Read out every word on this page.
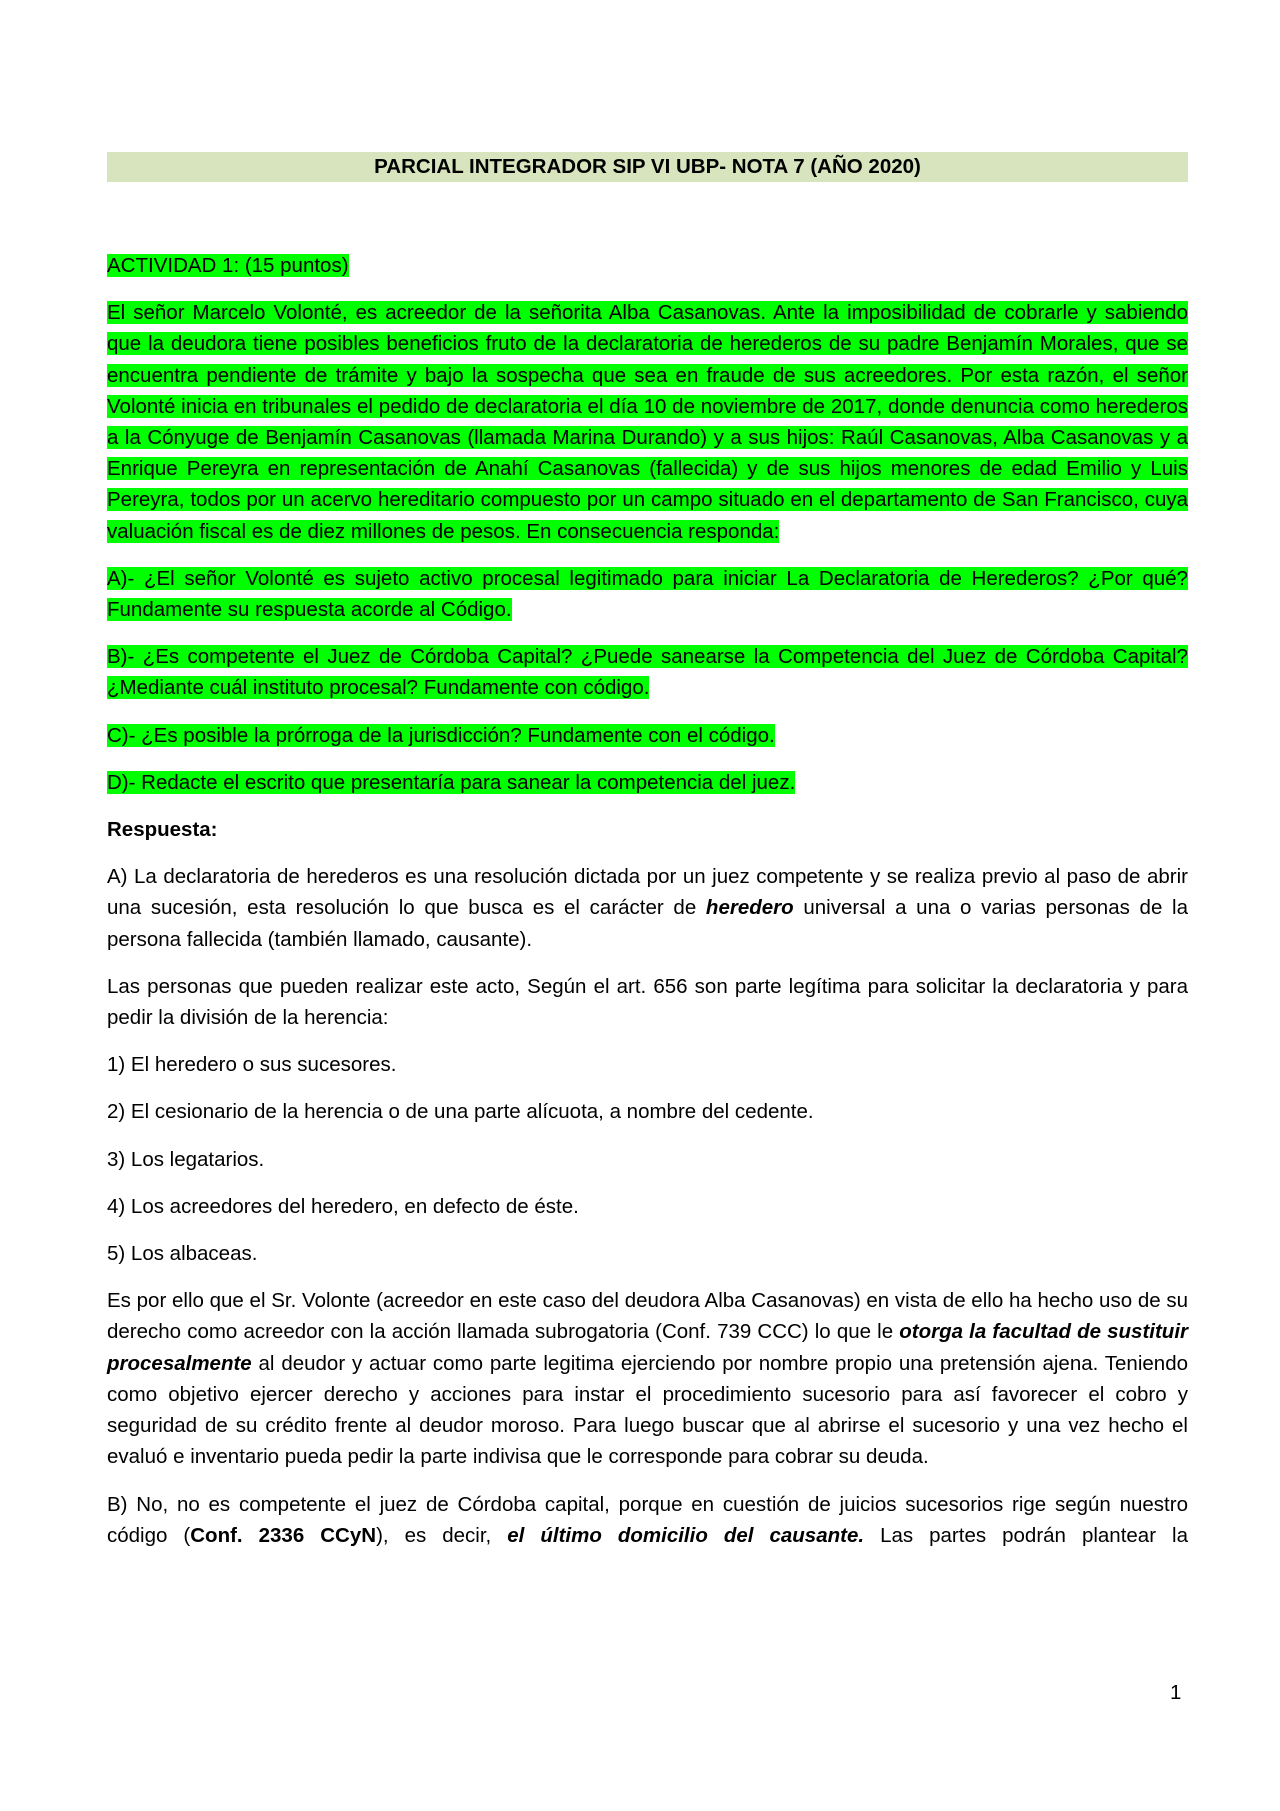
PARCIAL INTEGRADOR SIP VI UBP- NOTA 7 (AÑO 2020)

ACTIVIDAD 1: (15 puntos)

El señor Marcelo Volonté, es acreedor de la señorita Alba Casanovas. Ante la imposibilidad de cobrarle y sabiendo que la deudora tiene posibles beneficios fruto de la declaratoria de herederos de su padre Benjamín Morales, que se encuentra pendiente de trámite y bajo la sospecha que sea en fraude de sus acreedores. Por esta razón, el señor Volonté inicia en tribunales el pedido de declaratoria el día 10 de noviembre de 2017, donde denuncia como herederos a la Cónyuge de Benjamín Casanovas (llamada Marina Durando) y a sus hijos: Raúl Casanovas, Alba Casanovas y a Enrique Pereyra en representación de Anahí Casanovas (fallecida) y de sus hijos menores de edad Emilio y Luis Pereyra, todos por un acervo hereditario compuesto por un campo situado en el departamento de San Francisco, cuya valuación fiscal es de diez millones de pesos. En consecuencia responda:

A)- ¿El señor Volonté es sujeto activo procesal legitimado para iniciar La Declaratoria de Herederos? ¿Por qué? Fundamente su respuesta acorde al Código.

B)- ¿Es competente el Juez de Córdoba Capital? ¿Puede sanearse la Competencia del Juez de Córdoba Capital? ¿Mediante cuál instituto procesal? Fundamente con código.

C)- ¿Es posible la prórroga de la jurisdicción? Fundamente con el código.

D)- Redacte el escrito que presentaría para sanear la competencia del juez.

Respuesta:

A) La declaratoria de herederos es una resolución dictada por un juez competente y se realiza previo al paso de abrir una sucesión, esta resolución lo que busca es el carácter de heredero universal a una o varias personas de la persona fallecida (también llamado, causante).

Las personas que pueden realizar este acto, Según el art. 656 son parte legítima para solicitar la declaratoria y para pedir la división de la herencia:

1) El heredero o sus sucesores.

2) El cesionario de la herencia o de una parte alícuota, a nombre del cedente.

3) Los legatarios.

4) Los acreedores del heredero, en defecto de éste.

5) Los albaceas.

Es por ello que el Sr. Volonte (acreedor en este caso del deudora Alba Casanovas) en vista de ello ha hecho uso de su derecho como acreedor con la acción llamada subrogatoria (Conf. 739 CCC) lo que le otorga la facultad de sustituir procesalmente al deudor y actuar como parte legitima ejerciendo por nombre propio una pretensión ajena. Teniendo como objetivo ejercer derecho y acciones para instar el procedimiento sucesorio para así favorecer el cobro y seguridad de su crédito frente al deudor moroso. Para luego buscar que al abrirse el sucesorio y una vez hecho el evaluó e inventario pueda pedir la parte indivisa que le corresponde para cobrar su deuda.

B) No, no es competente el juez de Córdoba capital, porque en cuestión de juicios sucesorios rige según nuestro código (Conf. 2336 CCyN), es decir, el último domicilio del causante. Las partes podrán plantear la

1
